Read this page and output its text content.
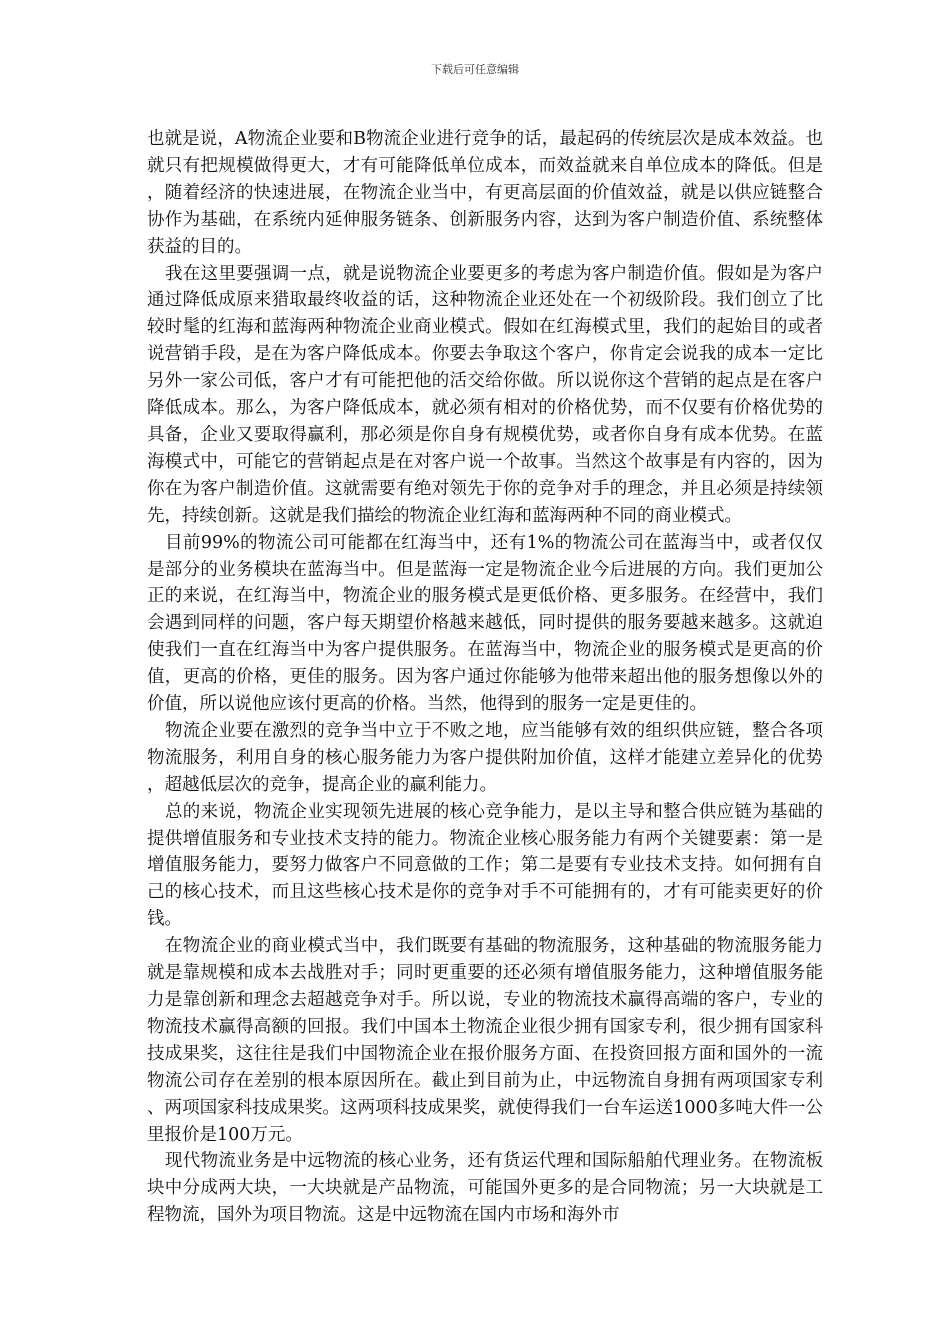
下载后可任意编辑

也就是说，A物流企业要和B物流企业进行竞争的话，最起码的传统层次是成本效益。也就只有把规模做得更大，才有可能降低单位成本，而效益就来自单位成本的降低。但是，随着经济的快速进展，在物流企业当中，有更高层面的价值效益，就是以供应链整合协作为基础，在系统内延伸服务链条、创新服务内容，达到为客户制造价值、系统整体获益的目的。

我在这里要强调一点，就是说物流企业要更多的考虑为客户制造价值。假如是为客户通过降低成原来猎取最终收益的话，这种物流企业还处在一个初级阶段。我们创立了比较时髦的红海和蓝海两种物流企业商业模式。假如在红海模式里，我们的起始目的或者说营销手段，是在为客户降低成本。你要去争取这个客户，你肯定会说我的成本一定比另外一家公司低，客户才有可能把他的活交给你做。所以说你这个营销的起点是在客户降低成本。那么，为客户降低成本，就必须有相对的价格优势，而不仅要有价格优势的具备，企业又要取得赢利，那必须是你自身有规模优势，或者你自身有成本优势。在蓝海模式中，可能它的营销起点是在对客户说一个故事。当然这个故事是有内容的，因为你在为客户制造价值。这就需要有绝对领先于你的竞争对手的理念，并且必须是持续领先，持续创新。这就是我们描绘的物流企业红海和蓝海两种不同的商业模式。

目前99%的物流公司可能都在红海当中，还有1%的物流公司在蓝海当中，或者仅仅是部分的业务模块在蓝海当中。但是蓝海一定是物流企业今后进展的方向。我们更加公正的来说，在红海当中，物流企业的服务模式是更低价格、更多服务。在经营中，我们会遇到同样的问题，客户每天期望价格越来越低，同时提供的服务要越来越多。这就迫使我们一直在红海当中为客户提供服务。在蓝海当中，物流企业的服务模式是更高的价值，更高的价格，更佳的服务。因为客户通过你能够为他带来超出他的服务想像以外的价值，所以说他应该付更高的价格。当然，他得到的服务一定是更佳的。

物流企业要在激烈的竞争当中立于不败之地，应当能够有效的组织供应链，整合各项物流服务，利用自身的核心服务能力为客户提供附加价值，这样才能建立差异化的优势，超越低层次的竞争，提高企业的赢利能力。

总的来说，物流企业实现领先进展的核心竞争能力，是以主导和整合供应链为基础的提供增值服务和专业技术支持的能力。物流企业核心服务能力有两个关键要素：第一是增值服务能力，要努力做客户不同意做的工作；第二是要有专业技术支持。如何拥有自己的核心技术，而且这些核心技术是你的竞争对手不可能拥有的，才有可能卖更好的价钱。

在物流企业的商业模式当中，我们既要有基础的物流服务，这种基础的物流服务能力就是靠规模和成本去战胜对手；同时更重要的还必须有增值服务能力，这种增值服务能力是靠创新和理念去超越竞争对手。所以说，专业的物流技术赢得高端的客户，专业的物流技术赢得高额的回报。我们中国本土物流企业很少拥有国家专利，很少拥有国家科技成果奖，这往往是我们中国物流企业在报价服务方面、在投资回报方面和国外的一流物流公司存在差别的根本原因所在。截止到目前为止，中远物流自身拥有两项国家专利、两项国家科技成果奖。这两项科技成果奖，就使得我们一台车运送1000多吨大件一公里报价是100万元。

现代物流业务是中远物流的核心业务，还有货运代理和国际船舶代理业务。在物流板块中分成两大块，一大块就是产品物流，可能国外更多的是合同物流；另一大块就是工程物流，国外为项目物流。这是中远物流在国内市场和海外市
